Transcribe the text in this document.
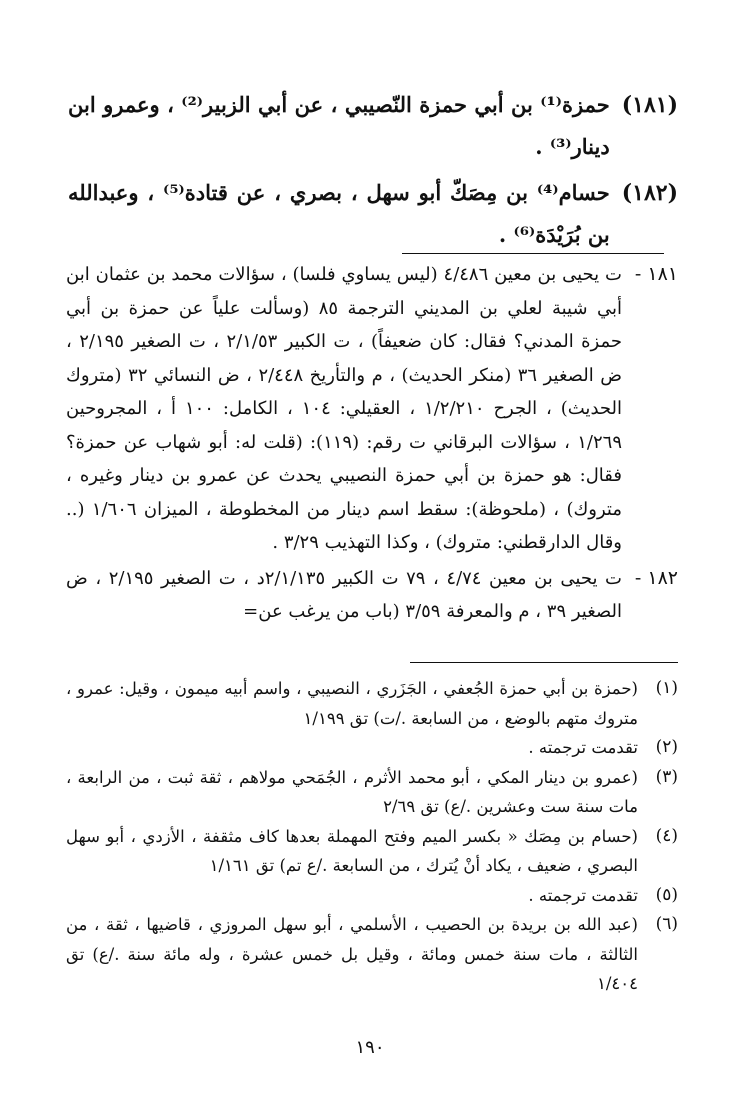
(١٨١)
حمزة⁽¹⁾ بن أبي حمزة النّصيبي ، عن أبي الزبير⁽²⁾ ، وعمرو ابن دينار⁽³⁾ .
(١٨٢)
حسام⁽⁴⁾ بن مِصَكّ أبو سهل ، بصري ، عن قتادة⁽⁵⁾ ، وعبدالله بن بُرَيْدَة⁽⁶⁾ .
١٨١ -
ت يحيى بن معين ٤/٤٨٦ (ليس يساوي فلسا) ، سؤالات محمد بن عثمان ابن أبي شيبة لعلي بن المديني الترجمة ٨٥ (وسألت علياً عن حمزة بن أبي حمزة المدني؟ فقال: كان ضعيفاً) ، ت الكبير ٢/١/٥٣ ، ت الصغير ٢/١٩٥ ، ض الصغير ٣٦ (منكر الحديث) ، م والتأريخ ٢/٤٤٨ ، ض النسائي ٣٢ (متروك الحديث) ، الجرح ١/٢/٢١٠ ، العقيلي: ١٠٤ ، الكامل: ١٠٠ أ ، المجروحين ١/٢٦٩ ، سؤالات البرقاني ت رقم: (١١٩): (قلت له: أبو شهاب عن حمزة؟ فقال: هو حمزة بن أبي حمزة النصيبي يحدث عن عمرو بن دينار وغيره ، متروك) ، (ملحوظة): سقط اسم دينار من المخطوطة ، الميزان ١/٦٠٦ (.. وقال الدارقطني: متروك) ، وكذا التهذيب ٣/٢٩ .
١٨٢ -
ت يحيى بن معين ٤/٧٤ ، ٧٩ ت الكبير ٢/١/١٣٥د ، ت الصغير ٢/١٩٥ ، ض الصغير ٣٩ ، م والمعرفة ٣/٥٩ (باب من يرغب عن=
(١)
(حمزة بن أبي حمزة الجُعفي ، الجَزَري ، النصيبي ، واسم أبيه ميمون ، وقيل: عمرو ، متروك متهم بالوضع ، من السابعة ./ت) تق ١/١٩٩
(٢)
تقدمت ترجمته .
(٣)
(عمرو بن دينار المكي ، أبو محمد الأثرم ، الجُمَحي مولاهم ، ثقة ثبت ، من الرابعة ، مات سنة ست وعشرين ./ع) تق ٢/٦٩
(٤)
(حسام بن مِصَك « بكسر الميم وفتح المهملة بعدها كاف مثقفة ، الأزدي ، أبو سهل البصري ، ضعيف ، يكاد أنْ يُترك ، من السابعة ./ع تم) تق ١/١٦١
(٥)
تقدمت ترجمته .
(٦)
(عبد الله بن بريدة بن الحصيب ، الأسلمي ، أبو سهل المروزي ، قاضيها ، ثقة ، من الثالثة ، مات سنة خمس ومائة ، وقيل بل خمس عشرة ، وله مائة سنة ./ع) تق ١/٤٠٤
١٩٠
